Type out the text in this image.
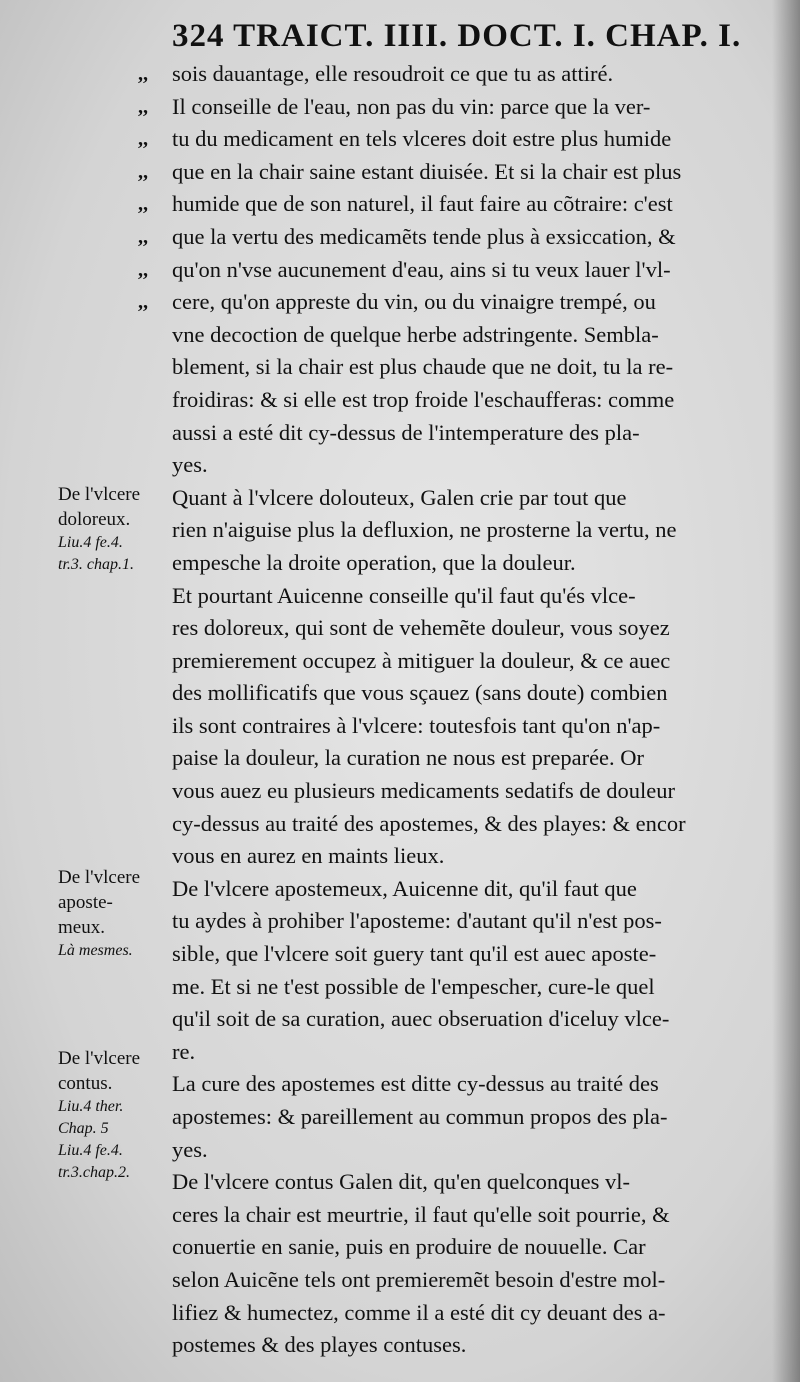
324 TRAICT. IIII. DOCT. I. CHAP. I.
,,
,,
,,
,,
,,
,,
,,
,,
sois dauantage, elle resoudroit ce que tu as attiré.
Il conseille de l'eau, non pas du vin: parce que la ver-
tu du medicament en tels vlceres doit estre plus humide
que en la chair saine estant diuisée. Et si la chair est plus
humide que de son naturel, il faut faire au cõtraire: c'est
que la vertu des medicamẽts tende plus à exsiccation, &
qu'on n'vse aucunement d'eau, ains si tu veux lauer l'vl-
cere, qu'on appreste du vin, ou du vinaigre trempé, ou
vne decoction de quelque herbe adstringente. Sembla-
blement, si la chair est plus chaude que ne doit, tu la re-
froidiras: & si elle est trop froide l'eschaufferas: comme
aussi a esté dit cy-dessus de l'intemperature des pla-
yes.
Quant à l'vlcere dolouteux, Galen crie par tout que
rien n'aiguise plus la defluxion, ne prosterne la vertu, ne
empesche la droite operation, que la douleur.
Et pourtant Auicenne conseille qu'il faut qu'és vlce-
res doloreux, qui sont de vehemẽte douleur, vous soyez
premierement occupez à mitiguer la douleur, & ce auec
des mollificatifs que vous sçauez (sans doute) combien
ils sont contraires à l'vlcere: toutesfois tant qu'on n'ap-
paise la douleur, la curation ne nous est preparée. Or
vous auez eu plusieurs medicaments sedatifs de douleur
cy-dessus au traité des apostemes, & des playes: & encor
vous en aurez en maints lieux.
De l'vlcere apostemeux, Auicenne dit, qu'il faut que
tu aydes à prohiber l'aposteme: d'autant qu'il n'est pos-
sible, que l'vlcere soit guery tant qu'il est auec aposte-
me. Et si ne t'est possible de l'empescher, cure-le quel
qu'il soit de sa curation, auec obseruation d'iceluy vlce-
re.
La cure des apostemes est ditte cy-dessus au traité des
apostemes: & pareillement au commun propos des pla-
yes.
De l'vlcere contus Galen dit, qu'en quelconques vl-
ceres la chair est meurtrie, il faut qu'elle soit pourrie, &
conuertie en sanie, puis en produire de nouuelle. Car
selon Auicẽne tels ont premieremẽt besoin d'estre mol-
lifiez & humectez, comme il a esté dit cy deuant des a-
postemes & des playes contuses.
De l'vlcere
doloreux.
Liu.4 fe.4.
tr.3. chap.1.
De l'vlcere
aposte-
meux.
Là mesmes.
De l'vlcere
contus.
Liu.4 ther.
Chap. 5
Liu.4 fe.4.
tr.3.chap.2.
